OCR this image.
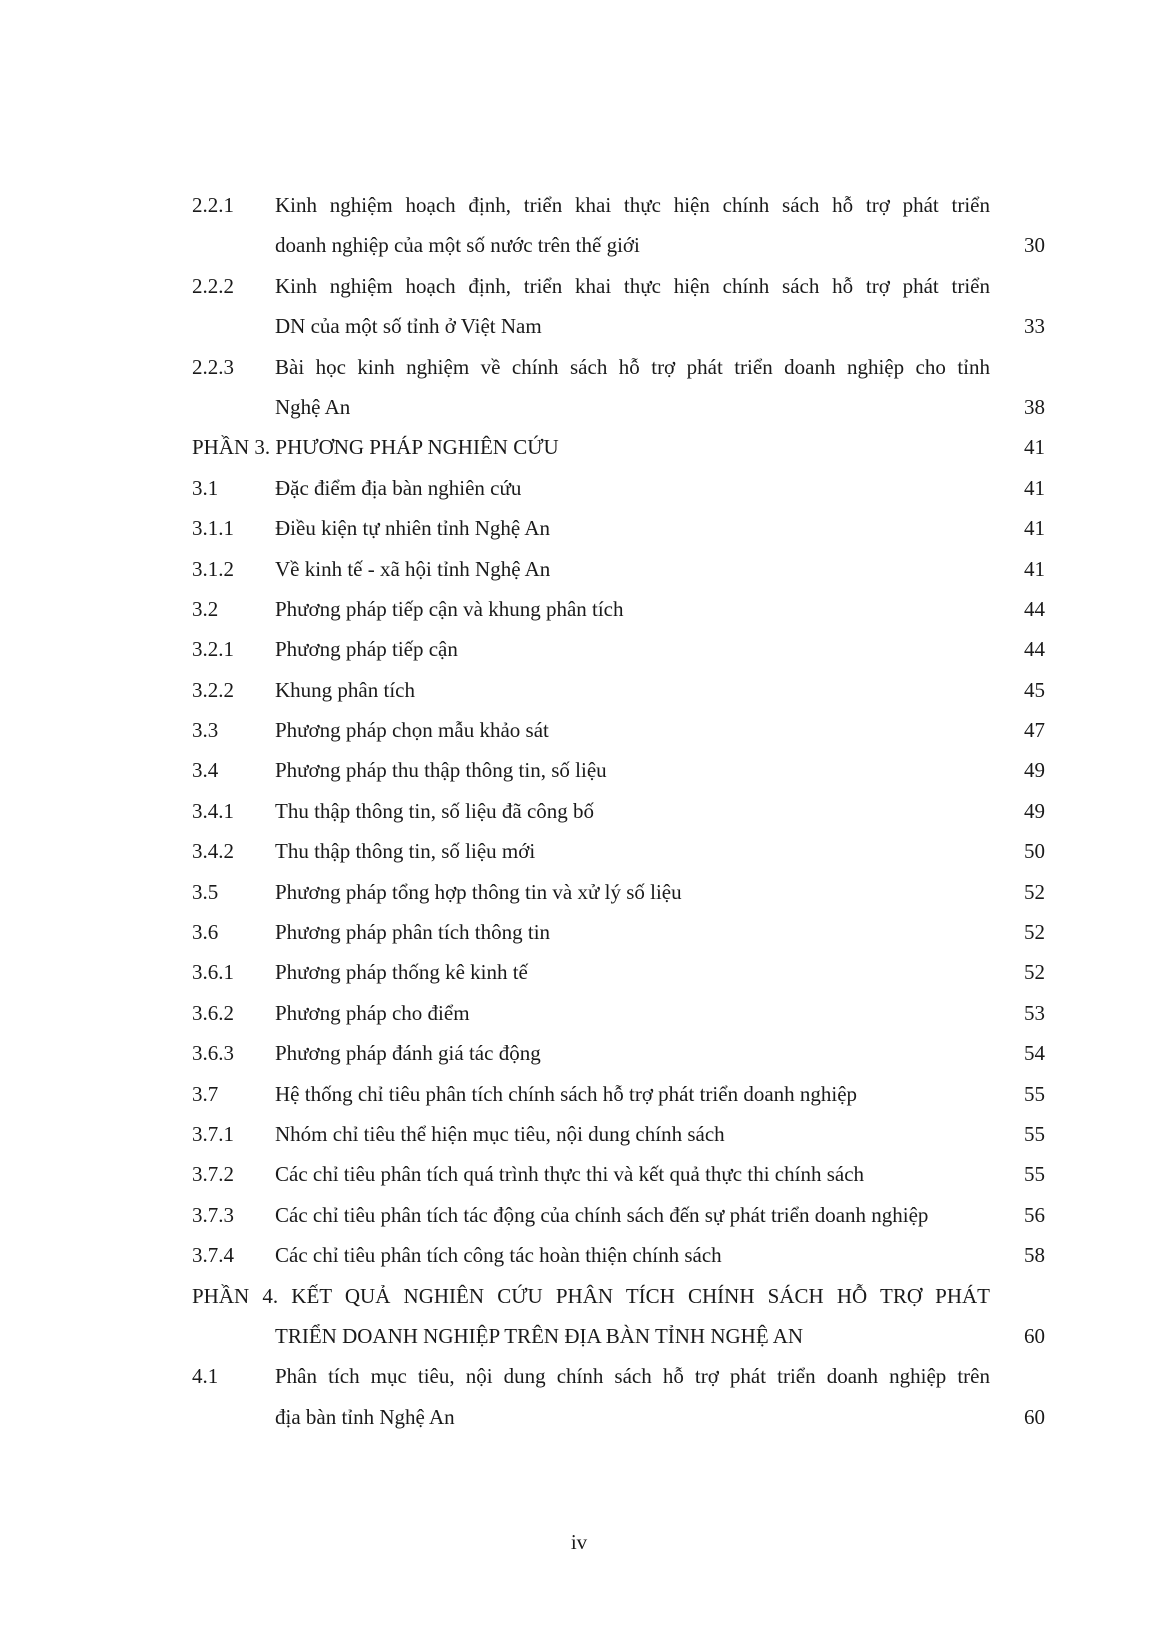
2.2.1 Kinh nghiệm hoạch định, triển khai thực hiện chính sách hỗ trợ phát triển
doanh nghiệp của một số nước trên thế giới	30
2.2.2 Kinh nghiệm hoạch định, triển khai thực hiện chính sách hỗ trợ phát triển
DN của một số tỉnh ở Việt Nam	33
2.2.3 Bài học kinh nghiệm về chính sách hỗ trợ phát triển doanh nghiệp cho tỉnh
Nghệ An	38
PHẦN 3. PHƯƠNG PHÁP NGHIÊN CỨU	41
3.1	Đặc điểm địa bàn nghiên cứu	41
3.1.1 Điều kiện tự nhiên tỉnh Nghệ An	41
3.1.2 Về kinh tế - xã hội tỉnh Nghệ An	41
3.2	Phương pháp tiếp cận và khung phân tích	44
3.2.1 Phương pháp tiếp cận	44
3.2.2 Khung phân tích	45
3.3	Phương pháp chọn mẫu khảo sát	47
3.4	Phương pháp thu thập thông tin, số liệu	49
3.4.1 Thu thập thông tin, số liệu đã công bố	49
3.4.2 Thu thập thông tin, số liệu mới	50
3.5	Phương pháp tổng hợp thông tin và xử lý số liệu	52
3.6	Phương pháp phân tích thông tin	52
3.6.1 Phương pháp thống kê kinh tế	52
3.6.2 Phương pháp cho điểm	53
3.6.3 Phương pháp đánh giá tác động	54
3.7	Hệ thống chỉ tiêu phân tích chính sách hỗ trợ phát triển doanh nghiệp	55
3.7.1 Nhóm chỉ tiêu thể hiện mục tiêu, nội dung chính sách	55
3.7.2 Các chỉ tiêu phân tích quá trình thực thi và kết quả thực thi chính sách	55
3.7.3 Các chỉ tiêu phân tích tác động của chính sách đến sự phát triển doanh nghiệp	56
3.7.4 Các chỉ tiêu phân tích công tác hoàn thiện chính sách	58
PHẦN 4. KẾT QUẢ NGHIÊN CỨU PHÂN TÍCH CHÍNH SÁCH HỖ TRỢ PHÁT
TRIỂN DOANH NGHIỆP TRÊN ĐỊA BÀN TỈNH NGHỆ AN	60
4.1	Phân tích mục tiêu, nội dung chính sách hỗ trợ phát triển doanh nghiệp trên
địa bàn tỉnh Nghệ An	60
iv
